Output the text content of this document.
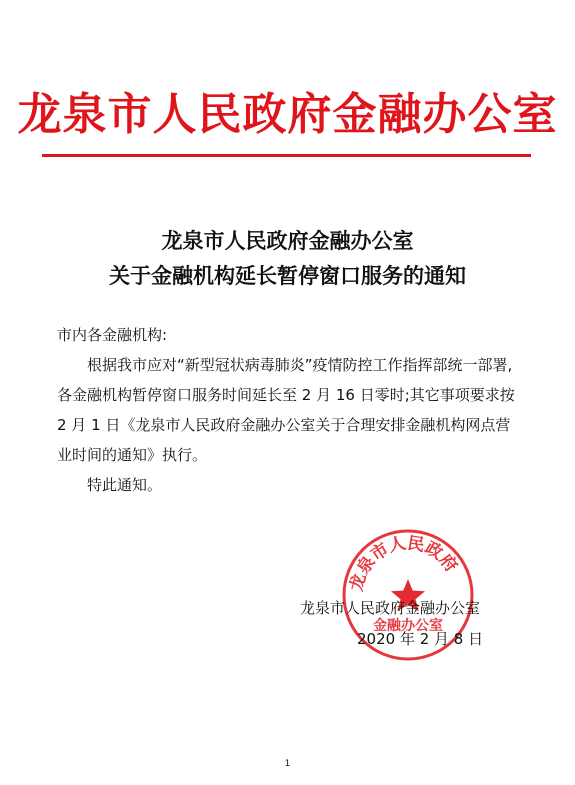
龙泉市人民政府金融办公室
龙泉市人民政府金融办公室
关于金融机构延长暂停窗口服务的通知

市内各金融机构:

根据我市应对“新型冠状病毒肺炎”疫情防控工作指挥部统一部署,各金融机构暂停窗口服务时间延长至 2 月 16 日零时;其它事项要求按 2 月 1 日《龙泉市人民政府金融办公室关于合理安排金融机构网点营业时间的通知》执行。

特此通知。

龙泉市人民政府
金融办公室
龙泉市人民政府金融办公室
2020 年 2 月 8 日
1
